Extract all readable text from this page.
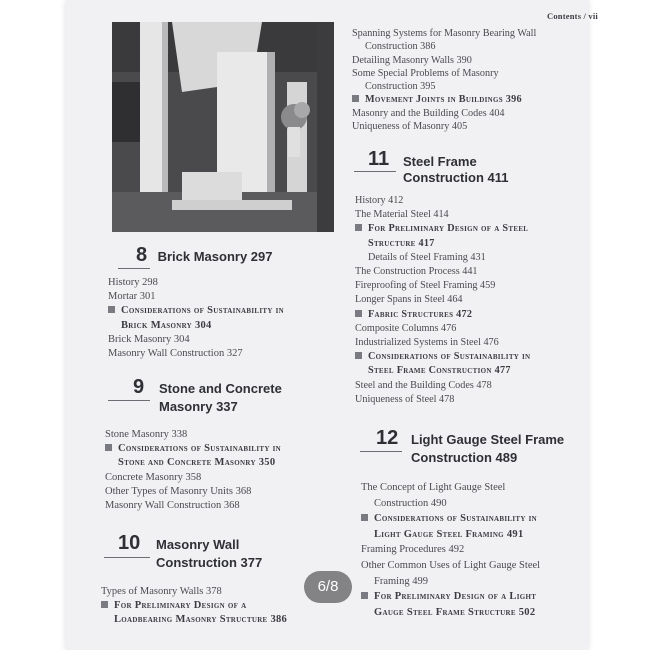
Contents / vii
Spanning Systems for Masonry Bearing Wall
Construction 386
Detailing Masonry Walls 390
Some Special Problems of Masonry
Construction 395
Movement Joints in Buildings 396
Masonry and the Building Codes 404
Uniqueness of Masonry 405
8 Brick Masonry 297
History 298
Mortar 301
Considerations of Sustainability in
Brick Masonry 304
Brick Masonry 304
Masonry Wall Construction 327
9 Stone and Concrete
Masonry 337
Stone Masonry 338
Considerations of Sustainability in
Stone and Concrete Masonry 350
Concrete Masonry 358
Other Types of Masonry Units 368
Masonry Wall Construction 368
10 Masonry Wall
Construction 377
Types of Masonry Walls 378
For Preliminary Design of a
Loadbearing Masonry Structure 386
11 Steel Frame
Construction 411
History 412
The Material Steel 414
For Preliminary Design of a Steel
Structure 417
Details of Steel Framing 431
The Construction Process 441
Fireproofing of Steel Framing 459
Longer Spans in Steel 464
Fabric Structures 472
Composite Columns 476
Industrialized Systems in Steel 476
Considerations of Sustainability in
Steel Frame Construction 477
Steel and the Building Codes 478
Uniqueness of Steel 478
12 Light Gauge Steel Frame
Construction 489
The Concept of Light Gauge Steel
Construction 490
Considerations of Sustainability in
Light Gauge Steel Framing 491
Framing Procedures 492
Other Common Uses of Light Gauge Steel
Framing 499
For Preliminary Design of a Light
Gauge Steel Frame Structure 502
6/8
